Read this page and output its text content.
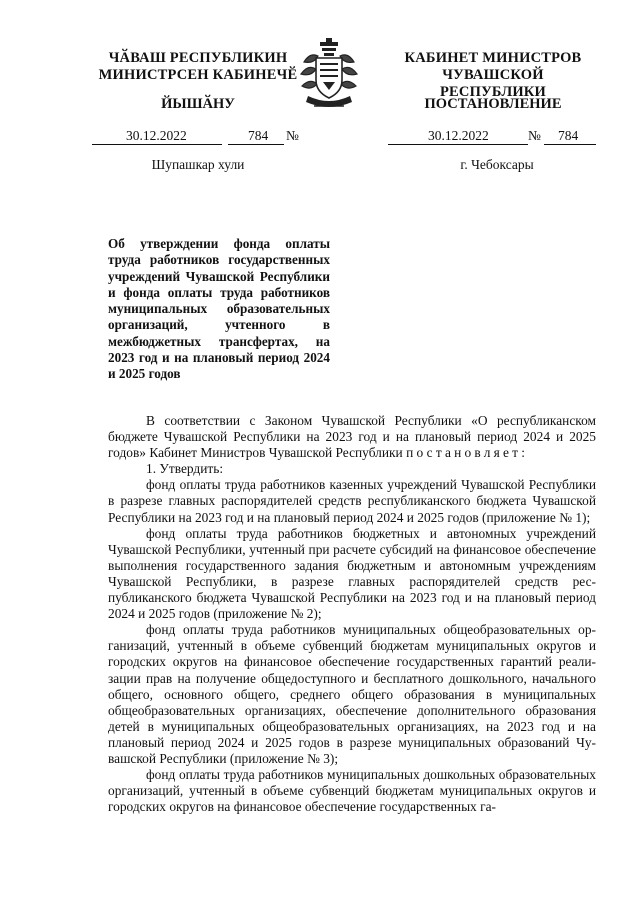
ЧӐВАШ РЕСПУБЛИКИН
МИНИСТРСЕН КАБИНЕЧӖ
КАБИНЕТ МИНИСТРОВ
ЧУВАШСКОЙ РЕСПУБЛИКИ
ЙЫШӐНУ	ПОСТАНОВЛЕНИЕ
30.12.2022	784 №	30.12.2022	№ 784
Шупашкар хули	г. Чебоксары
Об утверждении фонда оплаты труда работников государственных учреждений Чувашской Республики и фонда оплаты труда работников муниципальных образовательных организаций, учтенного в межбюджетных трансфертах, на 2023 год и на плановый период 2024 и 2025 годов

В соответствии с Законом Чувашской Республики «О республиканском бюджете Чувашской Республики на 2023 год и на плановый период 2024 и 2025 годов» Кабинет Министров Чувашской Республики постановляет:

1. Утвердить:

фонд оплаты труда работников казенных учреждений Чувашской Республики в разрезе главных распорядителей средств республиканского бюджета Чувашской Республики на 2023 год и на плановый период 2024 и 2025 годов (приложение № 1);

фонд оплаты труда работников бюджетных и автономных учреждений Чувашской Республики, учтенный при расчете субсидий на финансовое обеспечение выполнения государственного задания бюджетным и автономным учреждениям Чувашской Республики, в разрезе главных распорядителей средств республиканского бюджета Чувашской Республики на 2023 год и на плановый период 2024 и 2025 годов (приложение № 2);

фонд оплаты труда работников муниципальных общеобразовательных организаций, учтенный в объеме субвенций бюджетам муниципальных округов и городских округов на финансовое обеспечение государственных гарантий реализации прав на получение общедоступного и бесплатного дошкольного, начального общего, основного общего, среднего общего образования в муниципальных общеобразовательных организациях, обеспечение дополнительного образования детей в муниципальных общеобразовательных организациях, на 2023 год и на плановый период 2024 и 2025 годов в разрезе муниципальных образований Чувашской Республики (приложение № 3);

фонд оплаты труда работников муниципальных дошкольных образовательных организаций, учтенный в объеме субвенций бюджетам муниципальных округов и городских округов на финансовое обеспечение государственных га-
